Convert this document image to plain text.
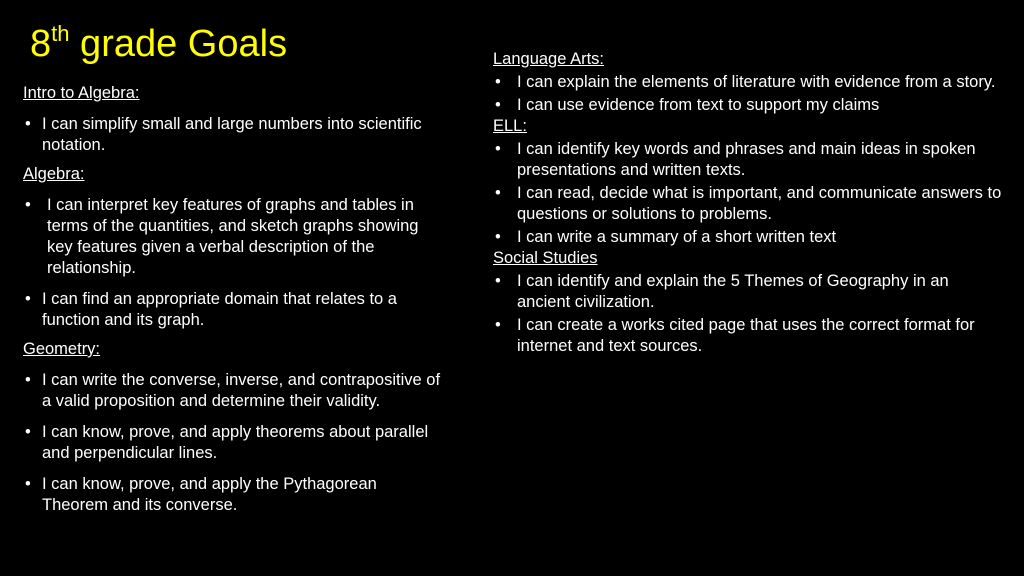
8th grade Goals

Intro to Algebra:

• I can simplify small and large numbers into scientific notation.

Algebra:

• I can interpret key features of graphs and tables in terms of the quantities, and sketch graphs showing key features given a verbal description of the relationship.
• I can find an appropriate domain that relates to a function and its graph.

Geometry:

• I can write the converse, inverse, and contrapositive of a valid proposition and determine their validity.
• I can know, prove, and apply theorems about parallel and perpendicular lines.
• I can know, prove, and apply the Pythagorean Theorem and its converse.

Language Arts:

• I can explain the elements of literature with evidence from a story.
• I can use evidence from text to support my claims

ELL:

• I can identify key words and phrases and main ideas in spoken presentations and written texts.
• I can read, decide what is important, and communicate answers to questions or solutions to problems.
• I can write a summary of a short written text

Social Studies

• I can identify and explain the 5 Themes of Geography in an ancient civilization.
• I can create a works cited page that uses the correct format for internet and text sources.
